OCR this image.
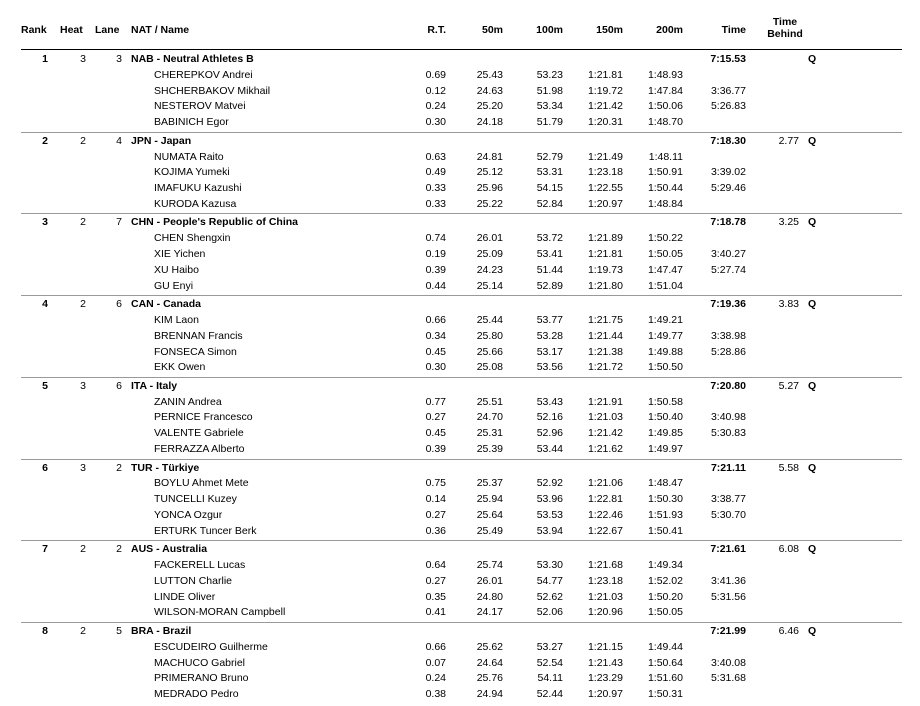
Rank Heat Lane NAT / Name	R.T.	50m	100m	150m	200m	Time
Time
Behind
1	3	3 NAB - Neutral Athletes B	7:15.53	Q
CHEREPKOV Andrei	0.69	25.43	53.23	1:21.81	1:48.93
SHCHERBAKOV Mikhail	0.12	24.63	51.98	1:19.72	1:47.84	3:36.77
NESTEROV Matvei	0.24	25.20	53.34	1:21.42	1:50.06	5:26.83
BABINICH Egor	0.30	24.18	51.79	1:20.31	1:48.70
2	2	4 JPN - Japan	7:18.30	2.77 Q
NUMATA Raito	0.63	24.81	52.79	1:21.49	1:48.11
KOJIMA Yumeki	0.49	25.12	53.31	1:23.18	1:50.91	3:39.02
IMAFUKU Kazushi	0.33	25.96	54.15	1:22.55	1:50.44	5:29.46
KURODA Kazusa	0.33	25.22	52.84	1:20.97	1:48.84
3	2	7 CHN - People's Republic of China	7:18.78	3.25 Q
CHEN Shengxin	0.74	26.01	53.72	1:21.89	1:50.22
XIE Yichen	0.19	25.09	53.41	1:21.81	1:50.05	3:40.27
XU Haibo	0.39	24.23	51.44	1:19.73	1:47.47	5:27.74
GU Enyi	0.44	25.14	52.89	1:21.80	1:51.04
4	2	6 CAN - Canada	7:19.36	3.83 Q
KIM Laon	0.66	25.44	53.77	1:21.75	1:49.21
BRENNAN Francis	0.34	25.80	53.28	1:21.44	1:49.77	3:38.98
FONSECA Simon	0.45	25.66	53.17	1:21.38	1:49.88	5:28.86
EKK Owen	0.30	25.08	53.56	1:21.72	1:50.50
5	3	6 ITA - Italy	7:20.80	5.27 Q
ZANIN Andrea	0.77	25.51	53.43	1:21.91	1:50.58
PERNICE Francesco	0.27	24.70	52.16	1:21.03	1:50.40	3:40.98
VALENTE Gabriele	0.45	25.31	52.96	1:21.42	1:49.85	5:30.83
FERRAZZA Alberto	0.39	25.39	53.44	1:21.62	1:49.97
6	3	2 TUR - Türkiye	7:21.11	5.58 Q
BOYLU Ahmet Mete	0.75	25.37	52.92	1:21.06	1:48.47
TUNCELLI Kuzey	0.14	25.94	53.96	1:22.81	1:50.30	3:38.77
YONCA Ozgur	0.27	25.64	53.53	1:22.46	1:51.93	5:30.70
ERTURK Tuncer Berk	0.36	25.49	53.94	1:22.67	1:50.41
7	2	2 AUS - Australia	7:21.61	6.08 Q
FACKERELL Lucas	0.64	25.74	53.30	1:21.68	1:49.34
LUTTON Charlie	0.27	26.01	54.77	1:23.18	1:52.02	3:41.36
LINDE Oliver	0.35	24.80	52.62	1:21.03	1:50.20	5:31.56
WILSON-MORAN Campbell	0.41	24.17	52.06	1:20.96	1:50.05
8	2	5 BRA - Brazil	7:21.99	6.46 Q
ESCUDEIRO Guilherme	0.66	25.62	53.27	1:21.15	1:49.44
MACHUCO Gabriel	0.07	24.64	52.54	1:21.43	1:50.64	3:40.08
PRIMERANO Bruno	0.24	25.76	54.11	1:23.29	1:51.60	5:31.68
MEDRADO Pedro	0.38	24.94	52.44	1:20.97	1:50.31
